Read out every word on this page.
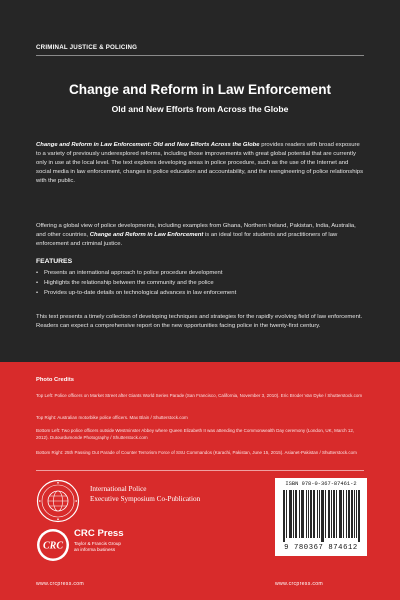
CRIMINAL JUSTICE & POLICING
Change and Reform in Law Enforcement
Old and New Efforts from Across the Globe
Change and Reform in Law Enforcement: Old and New Efforts Across the Globe provides readers with broad exposure to a variety of previously underexplored reforms, including those improvements with great global potential that are currently only in use at the local level. The text explores developing areas in police procedure, such as the use of the Internet and social media in law enforcement, changes in police education and accountability, and the reengineering of police relationships with the public.
Offering a global view of police developments, including examples from Ghana, Northern Ireland, Pakistan, India, Australia, and other countries, Change and Reform in Law Enforcement is an ideal tool for students and practitioners of law enforcement and criminal justice.
FEATURES
• Presents an international approach to police procedure development
• Highlights the relationship between the community and the police
• Provides up-to-date details on technological advances in law enforcement
This text presents a timely collection of developing techniques and strategies for the rapidly evolving field of law enforcement. Readers can expect a comprehensive report on the new opportunities facing police in the twenty-first century.
Photo Credits
Top Left: Police officers on Market Street after Giants World Series Parade (San Francisco, California, November 3, 2010). Eric Broder Van Dyke / Shutterstock.com
Top Right: Australian motorbike police officers. Max Blain / Shutterstock.com
Bottom Left: Two police officers outside Westminster Abbey where Queen Elizabeth II was attending the Commonwealth Day ceremony (London, UK, March 12, 2012). Dutourdumonde Photography / Shutterstock.com
Bottom Right: 25th Passing Out Parade of Counter Terrorism Force of SSU Commandos (Karachi, Pakistan, June 15, 2015). Asianet-Pakistan / Shutterstock.com
International Police
Executive Symposium Co-Publication
CRC
CRC Press
Taylor & Francis Group
an informa business
www.crcpress.com
ISBN 978-0-367-87461-2
9 780367 874612
www.crcpress.com
